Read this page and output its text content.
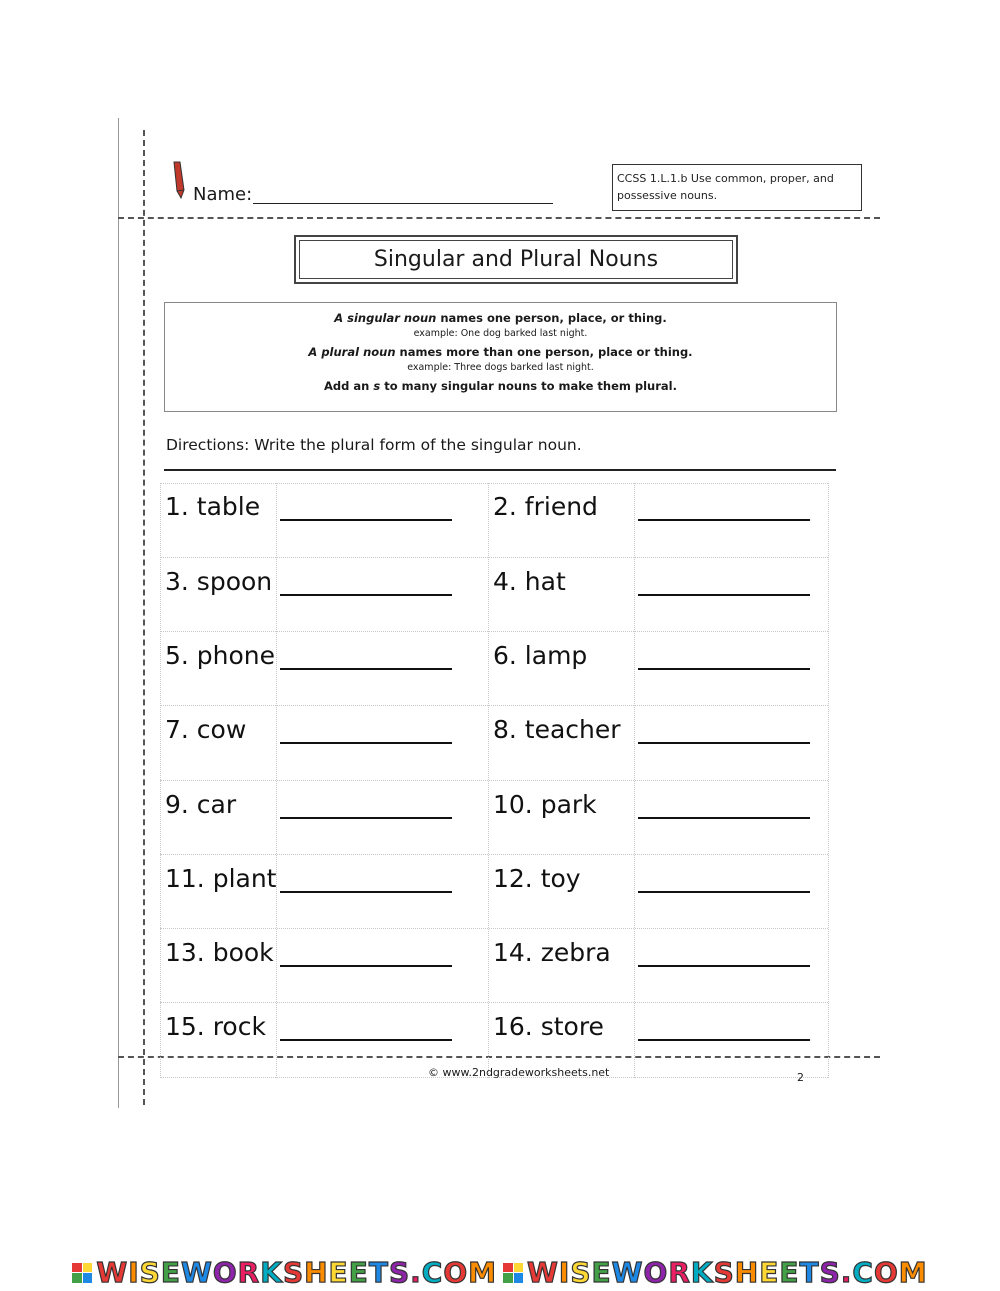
Name:
CCSS 1.L.1.b Use common, proper, and possessive nouns.
Singular and Plural Nouns
A singular noun names one person, place, or thing.
example: One dog barked last night.
A plural noun names more than one person, place or thing.
example: Three dogs barked last night.
Add an s to many singular nouns to make them plural.
Directions: Write the plural form of the singular noun.
1. table	2. friend
3. spoon	4. hat
5. phone	6. lamp
7. cow	8. teacher
9. car	10. park
11. plant	12. toy
13. book	14. zebra
15. rock	16. store
© www.2ndgradeworksheets.net	2
WISEWORKSHEETS.COM WISEWORKSHEETS.COM
